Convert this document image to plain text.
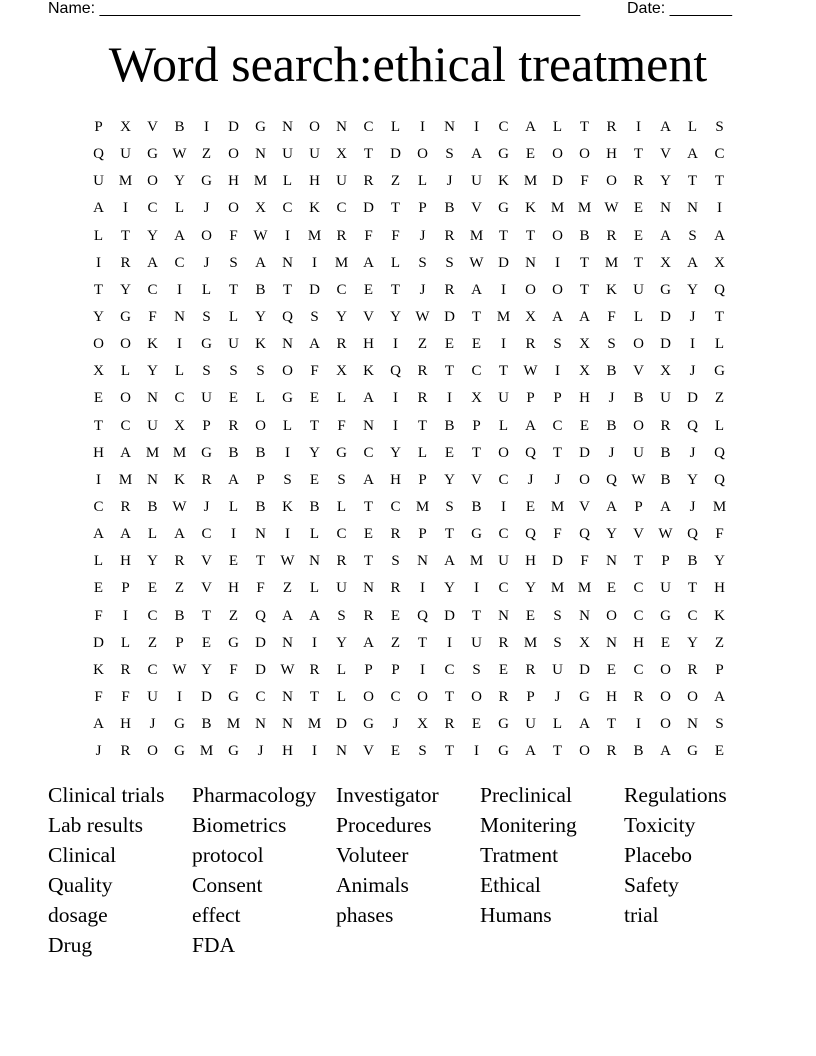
Name: ______________________________________________________	Date: _______
Word search:ethical treatment
P	X	V	B	I	D	G	N	O	N	C	L	I	N	I	C	A	L	T	R	I	A	L	S
Q	U	G W	Z	O	N	U	U	X	T	D	O	S	A	G	E	O	O	H	T	V	A	C
U M O	Y	G	H M	L	H	U	R	Z	L	J	U	K M D	F	O	R	Y	T	T
A	I	C	L	J	O	X	C	K	C	D	T	P	B	V	G	K M M W	E	N	N	I
L	T	Y	A	O	F	W	I	M	R	F	F	J	R	M	T	T	O	B	R	E	A	S	A
I	R	A	C	J	S	A	N	I	M A	L	S	S	W D	N	I	T	M	T	X	A	X
T	Y	C	I	L	T	B	T	D	C	E	T	J	R	A	I	O	O	T	K	U	G	Y	Q
Y	G	F	N	S	L	Y	Q	S	Y	V	Y W D	T	M X	A	A	F	L	D	J	T
O	O	K	I	G	U	K	N	A	R	H	I	Z	E	E	I	R	S	X	S	O	D	I	L
X	L	Y	L	S	S	S	O	F	X	K	Q	R	T	C	T	W	I	X	B	V	X	J	G
E	O	N	C	U	E	L	G	E	L	A	I	R	I	X	U	P	P	H	J	B	U	D	Z
T	C	U	X	P	R	O	L	T	F	N	I	T	B	P	L	A	C	E	B	O	R	Q	L
H	A M M G	B	B	I	Y	G	C	Y	L	E	T	O	Q	T	D	J	U	B	J	Q
I	M N	K	R	A	P	S	E	S	A	H	P	Y	V	C	J	J	O	Q W B	Y	Q
C	R	B W	J	L	B	K	B	L	T	C	M	S	B	I	E	M V	A	P	A	J	M
A	A	L	A	C	I	N	I	L	C	E	R	P	T	G	C	Q	F	Q	Y	V W Q	F
L	H	Y	R	V	E	T	W N	R	T	S	N	A M U	H	D	F	N	T	P	B	Y
E	P	E	Z	V	H	F	Z	L	U	N	R	I	Y	I	C	Y M M	E	C	U	T	H
F	I	C	B	T	Z	Q	A	A	S	R	E	Q	D	T	N	E	S	N	O	C	G	C	K
D	L	Z	P	E	G	D	N	I	Y	A	Z	T	I	U	R	M	S	X	N	H	E	Y	Z
K	R	C W Y	F	D W R	L	P	P	I	C	S	E	R	U	D	E	C	O	R	P
F	F	U	I	D	G	C	N	T	L	O	C	O	T	O	R	P	J	G	H	R	O	O	A
A	H	J	G	B	M N	N M D	G	J	X	R	E	G	U	L	A	T	I	O	N	S
J	R	O	G M G	J	H	I	N	V	E	S	T	I	G	A	T	O	R	B	A	G	E
Clinical trials	Pharmacology Investigator	Preclinical	Regulations
Lab results	Biometrics	Procedures	Monitering	Toxicity
Clinical	protocol	Voluteer	Tratment	Placebo
Quality	Consent	Animals	Ethical	Safety
dosage	effect	phases	Humans	trial
Drug	FDA
